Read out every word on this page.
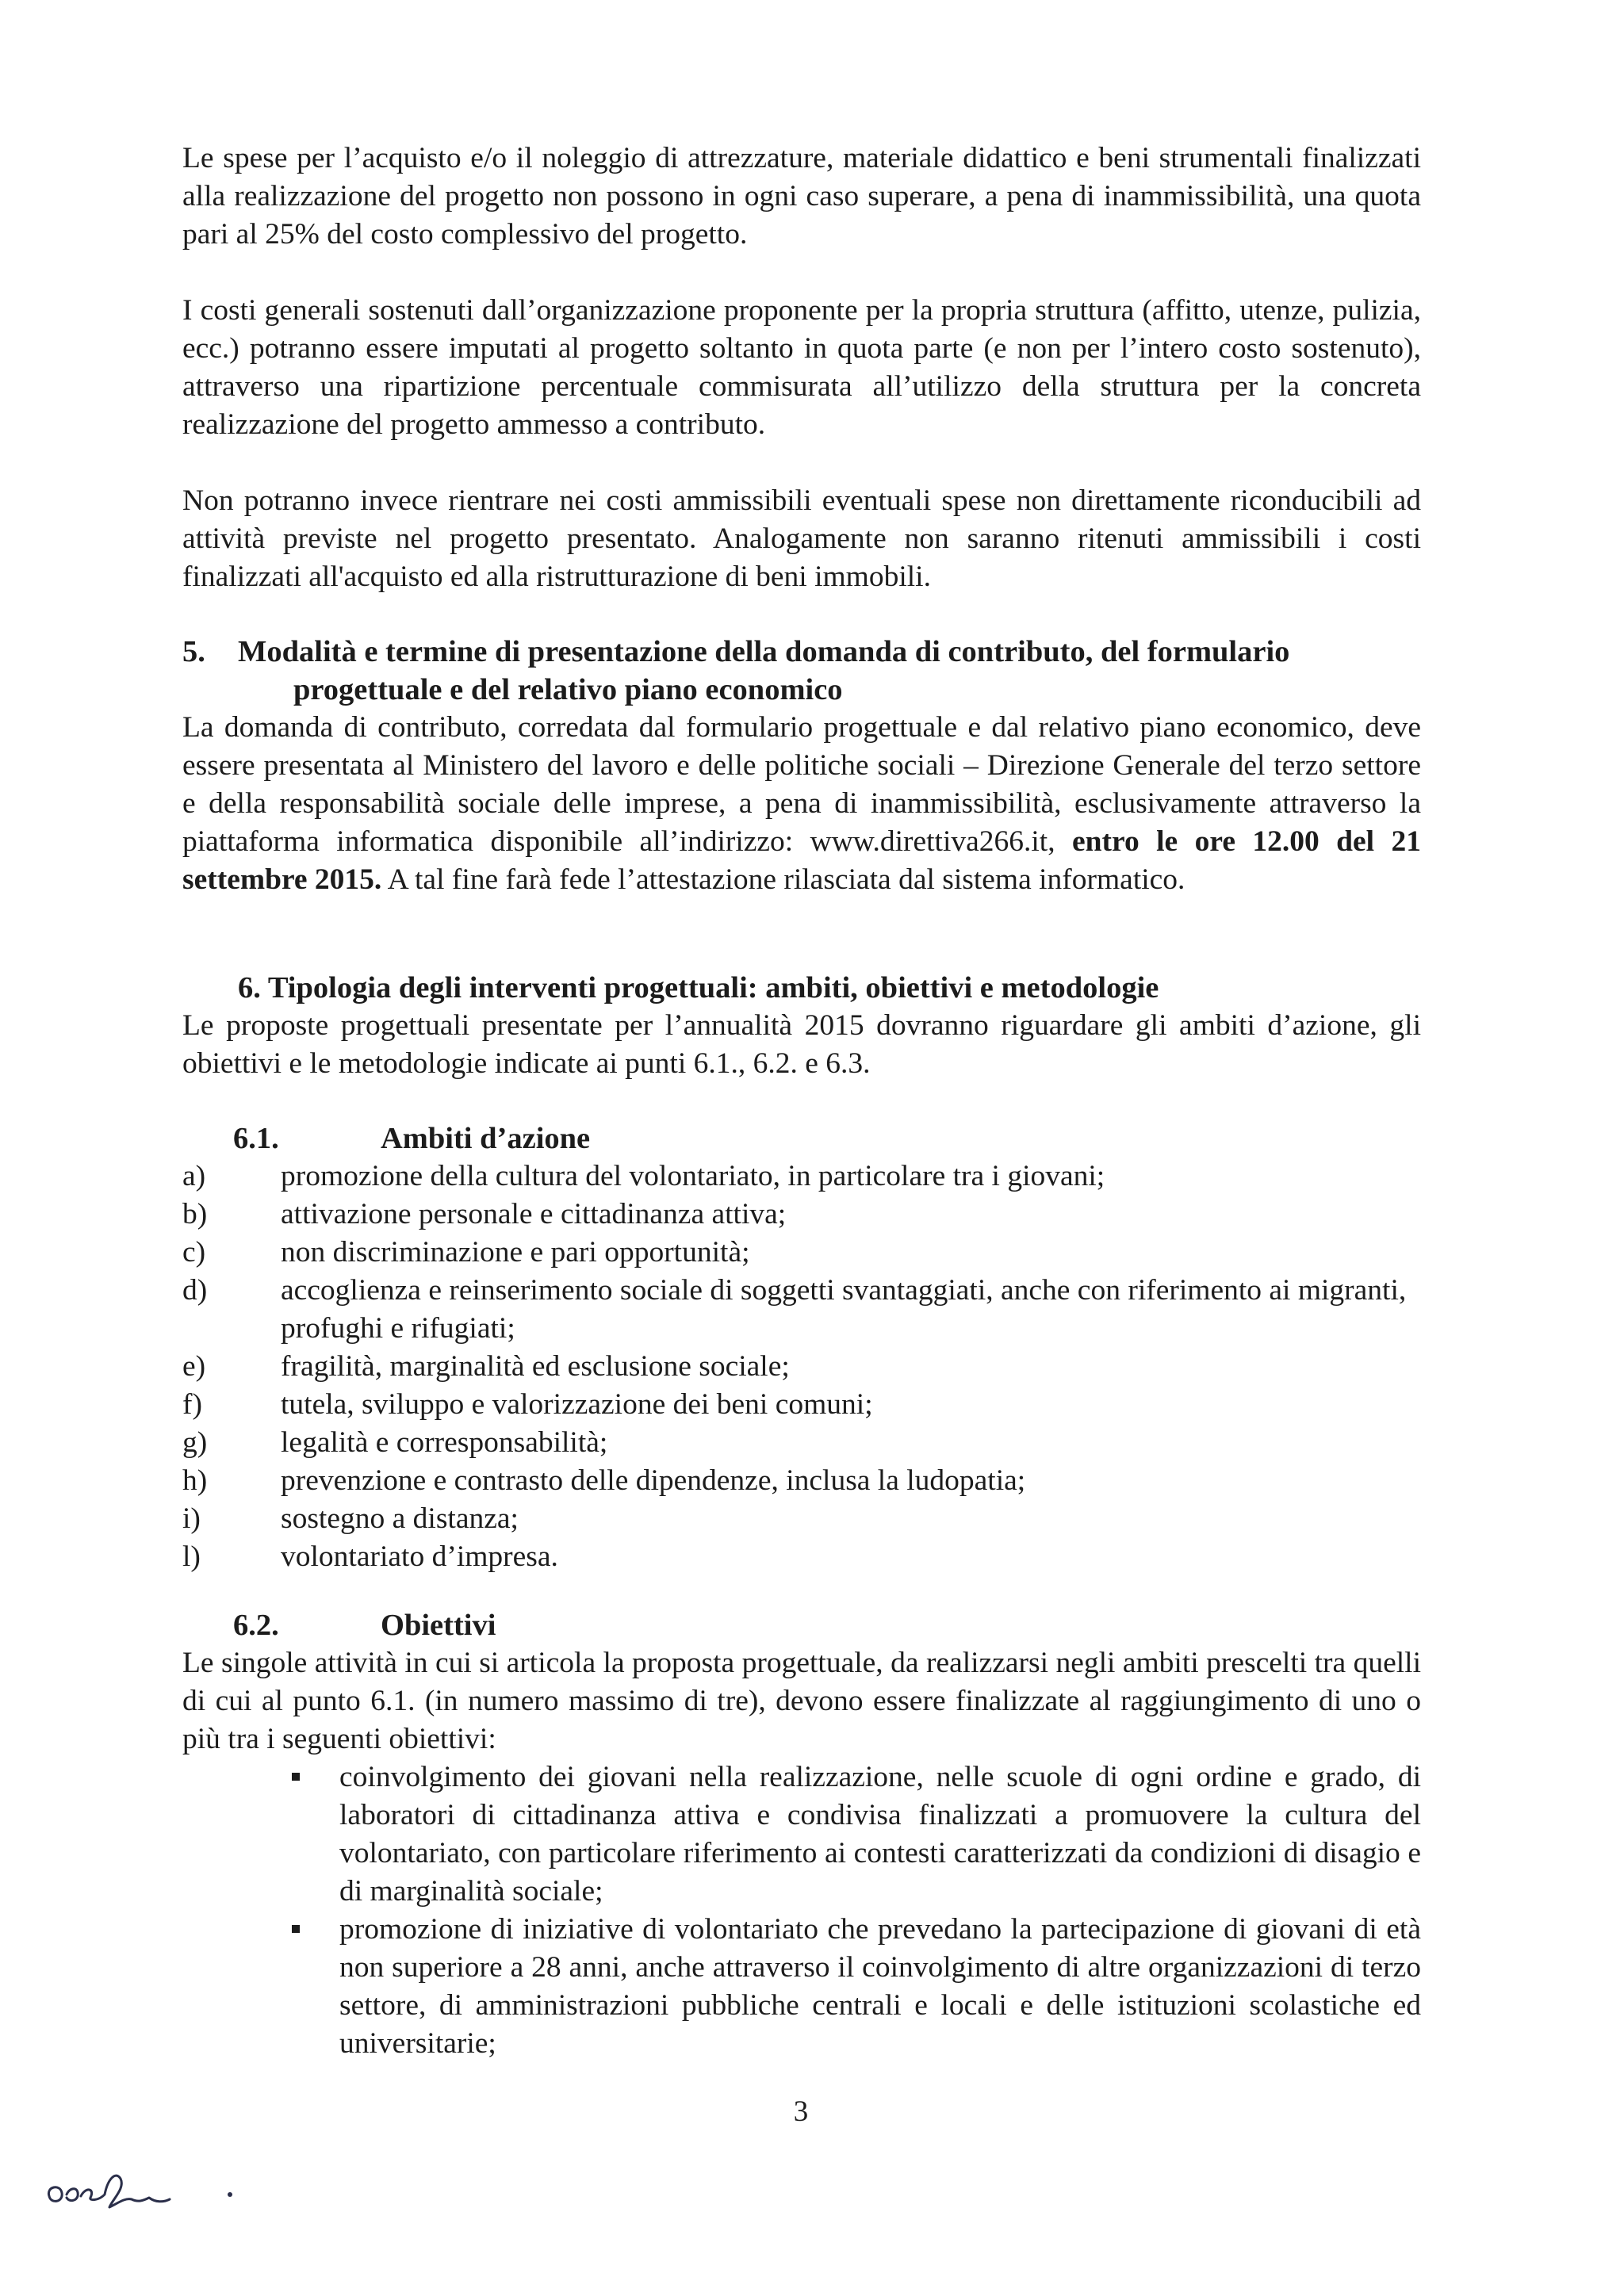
Le spese per l’acquisto e/o il noleggio di attrezzature, materiale didattico e beni strumentali finalizzati alla realizzazione del progetto non possono in ogni caso superare, a pena di inammissibilità, una quota pari al 25% del costo complessivo del progetto.

I costi generali sostenuti dall’organizzazione proponente per la propria struttura (affitto, utenze, pulizia, ecc.) potranno essere imputati al progetto soltanto in quota parte (e non per l’intero costo sostenuto), attraverso una ripartizione percentuale commisurata all’utilizzo della struttura per la concreta realizzazione del progetto ammesso a contributo.

Non potranno invece rientrare nei costi ammissibili eventuali spese non direttamente riconducibili ad attività previste nel progetto presentato. Analogamente non saranno ritenuti ammissibili i costi finalizzati all'acquisto ed alla ristrutturazione di beni immobili.

5. Modalità e termine di presentazione della domanda di contributo, del formulario

progettuale e del relativo piano economico

La domanda di contributo, corredata dal formulario progettuale e dal relativo piano economico, deve essere presentata al Ministero del lavoro e delle politiche sociali – Direzione Generale del terzo settore e della responsabilità sociale delle imprese, a pena di inammissibilità, esclusivamente attraverso la piattaforma informatica disponibile all’indirizzo: www.direttiva266.it, entro le ore 12.00 del 21 settembre 2015. A tal fine farà fede l’attestazione rilasciata dal sistema informatico.

6. Tipologia degli interventi progettuali: ambiti, obiettivi e metodologie

Le proposte progettuali presentate per l’annualità 2015 dovranno riguardare gli ambiti d’azione, gli obiettivi e le metodologie indicate ai punti 6.1., 6.2. e 6.3.

6.1.	Ambiti d’azione

a)	promozione della cultura del volontariato, in particolare tra i giovani;
b) attivazione personale e cittadinanza attiva;
c)	non discriminazione e pari opportunità;
d) accoglienza e reinserimento sociale di soggetti svantaggiati, anche con riferimento ai migranti, profughi e rifugiati;
e)	fragilità, marginalità ed esclusione sociale;
f)	tutela, sviluppo e valorizzazione dei beni comuni;
g) legalità e corresponsabilità;
h) prevenzione e contrasto delle dipendenze, inclusa la ludopatia;
i)	sostegno a distanza;
l)	volontariato d’impresa.

6.2.	Obiettivi

Le singole attività in cui si articola la proposta progettuale, da realizzarsi negli ambiti prescelti tra quelli di cui al punto 6.1. (in numero massimo di tre), devono essere finalizzate al raggiungimento di uno o più tra i seguenti obiettivi:

coinvolgimento dei giovani nella realizzazione, nelle scuole di ogni ordine e grado, di laboratori di cittadinanza attiva e condivisa finalizzati a promuovere la cultura del volontariato, con particolare riferimento ai contesti caratterizzati da condizioni di disagio e di marginalità sociale;
promozione di iniziative di volontariato che prevedano la partecipazione di giovani di età non superiore a 28 anni, anche attraverso il coinvolgimento di altre organizzazioni di terzo settore, di amministrazioni pubbliche centrali e locali e delle istituzioni scolastiche ed universitarie;
3
